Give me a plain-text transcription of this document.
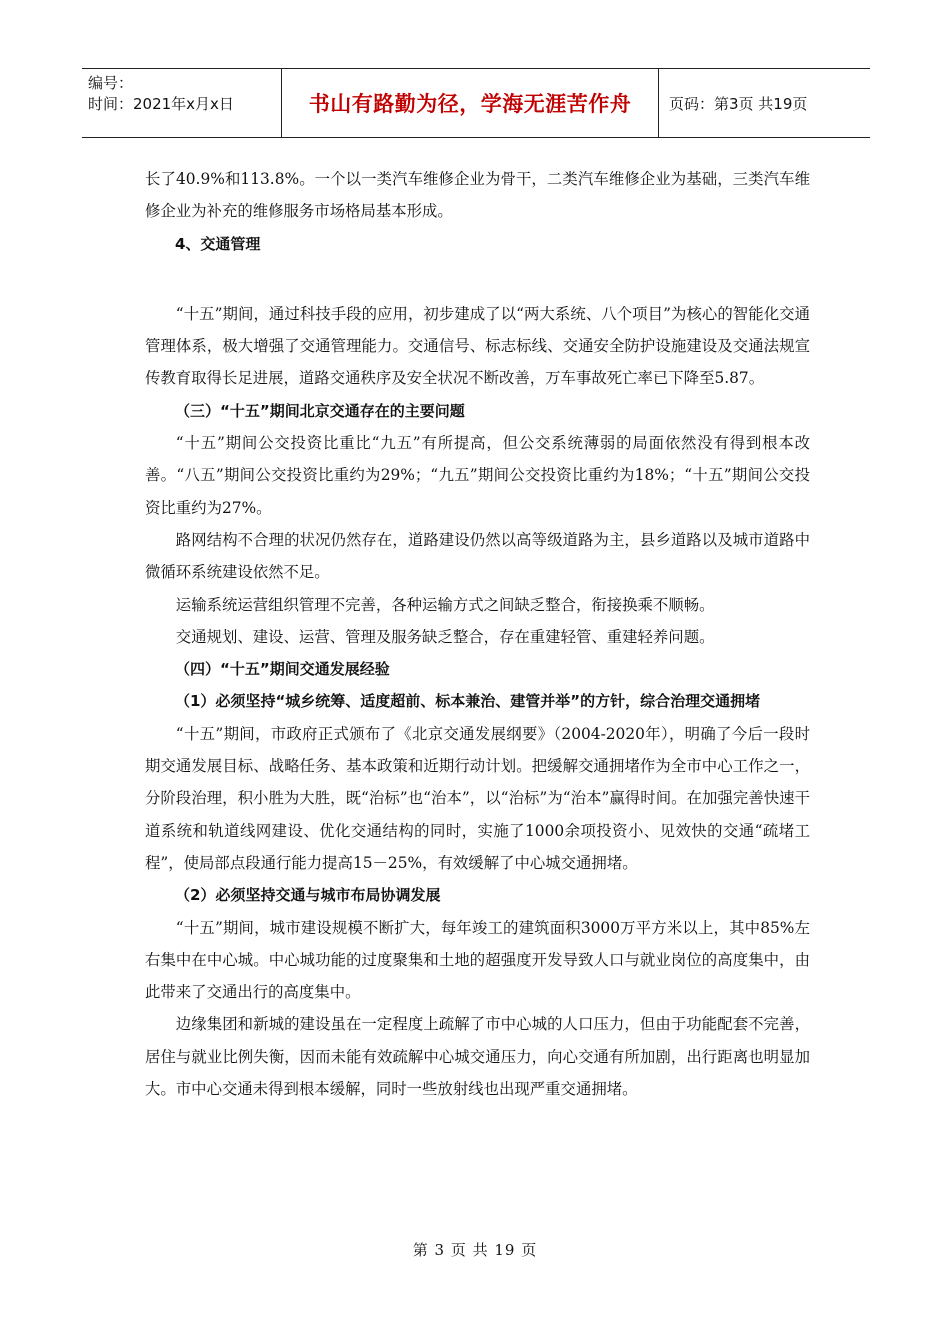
编号：
时间：2021年x月x日	书山有路勤为径，学海无涯苦作舟	页码：第3页 共19页

长了40.9%和113.8%。一个以一类汽车维修企业为骨干，二类汽车维修企业为基础，三类汽车维修企业为补充的维修服务市场格局基本形成。

4、交通管理

“十五”期间，通过科技手段的应用，初步建成了以“两大系统、八个项目”为核心的智能化交通管理体系，极大增强了交通管理能力。交通信号、标志标线、交通安全防护设施建设及交通法规宣传教育取得长足进展，道路交通秩序及安全状况不断改善，万车事故死亡率已下降至5.87。

（三）“十五”期间北京交通存在的主要问题

“十五”期间公交投资比重比“九五”有所提高，但公交系统薄弱的局面依然没有得到根本改善。“八五”期间公交投资比重约为29%；“九五”期间公交投资比重约为18%；“十五”期间公交投资比重约为27%。

路网结构不合理的状况仍然存在，道路建设仍然以高等级道路为主，县乡道路以及城市道路中微循环系统建设依然不足。

运输系统运营组织管理不完善，各种运输方式之间缺乏整合，衔接换乘不顺畅。

交通规划、建设、运营、管理及服务缺乏整合，存在重建轻管、重建轻养问题。

（四）“十五”期间交通发展经验

（1）必须坚持“城乡统筹、适度超前、标本兼治、建管并举”的方针，综合治理交通拥堵

“十五”期间，市政府正式颁布了《北京交通发展纲要》（2004-2020年），明确了今后一段时期交通发展目标、战略任务、基本政策和近期行动计划。把缓解交通拥堵作为全市中心工作之一，分阶段治理，积小胜为大胜，既“治标”也“治本”，以“治标”为“治本”赢得时间。在加强完善快速干道系统和轨道线网建设、优化交通结构的同时，实施了1000余项投资小、见效快的交通“疏堵工程”，使局部点段通行能力提高15－25%，有效缓解了中心城交通拥堵。

（2）必须坚持交通与城市布局协调发展

“十五”期间，城市建设规模不断扩大，每年竣工的建筑面积3000万平方米以上，其中85%左右集中在中心城。中心城功能的过度聚集和土地的超强度开发导致人口与就业岗位的高度集中，由此带来了交通出行的高度集中。

边缘集团和新城的建设虽在一定程度上疏解了市中心城的人口压力，但由于功能配套不完善，居住与就业比例失衡，因而未能有效疏解中心城交通压力，向心交通有所加剧，出行距离也明显加大。市中心交通未得到根本缓解，同时一些放射线也出现严重交通拥堵。

第 3 页 共 19 页
